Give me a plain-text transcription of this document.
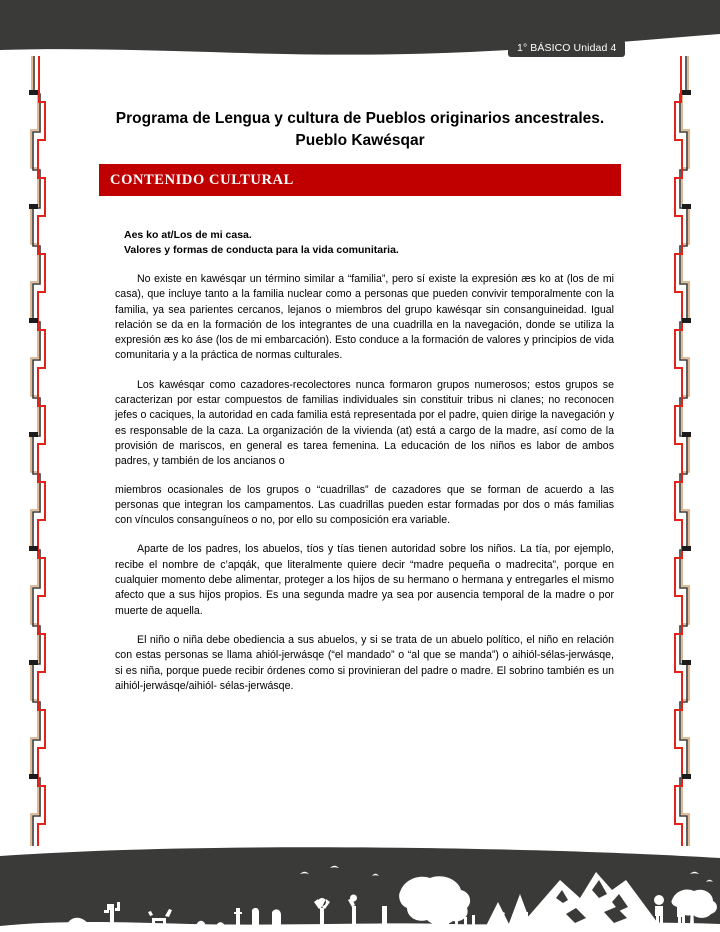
1° BÁSICO Unidad 4
Programa de Lengua y cultura de Pueblos originarios ancestrales. Pueblo Kawésqar
CONTENIDO CULTURAL
Aes ko at/Los de mi casa.
Valores y formas de conducta para la vida comunitaria.

No existe en kawésqar un término similar a “familia”, pero sí existe la expresión æs ko at (los de mi casa), que incluye tanto a la familia nuclear como a personas que pueden convivir temporalmente con la familia, ya sea parientes cercanos, lejanos o miembros del grupo kawésqar sin consanguineidad. Igual relación se da en la formación de los integrantes de una cuadrilla en la navegación, donde se utiliza la expresión æs ko áse (los de mi embarcación). Esto conduce a la formación de valores y principios de vida comunitaria y a la práctica de normas culturales.

Los kawésqar como cazadores-recolectores nunca formaron grupos numerosos; estos grupos se caracterizan por estar compuestos de familias individuales sin constituir tribus ni clanes; no reconocen jefes o caciques, la autoridad en cada familia está representada por el padre, quien dirige la navegación y es responsable de la caza. La organización de la vivienda (at) está a cargo de la madre, así como de la provisión de mariscos, en general es tarea femenina. La educación de los niños es labor de ambos padres, y también de los ancianos o

miembros ocasionales de los grupos o “cuadrillas” de cazadores que se forman de acuerdo a las personas que integran los campamentos. Las cuadrillas pueden estar formadas por dos o más familias con vínculos consanguíneos o no, por ello su composición era variable.

Aparte de los padres, los abuelos, tíos y tías tienen autoridad sobre los niños. La tía, por ejemplo, recibe el nombre de c’apqák, que literalmente quiere decir “madre pequeña o madrecita”, porque en cualquier momento debe alimentar, proteger a los hijos de su hermano o hermana y entregarles el mismo afecto que a sus hijos propios. Es una segunda madre ya sea por ausencia temporal de la madre o por muerte de aquella.

El niño o niña debe obediencia a sus abuelos, y si se trata de un abuelo político, el niño en relación con estas personas se llama ahiól-jerwásqe (“el mandado” o “al que se manda”) o aihiól-sélas-jerwásqe, si es niña, porque puede recibir órdenes como si provinieran del padre o madre. El sobrino también es un aihiól-jerwásqe/aihiól- sélas-jerwásqe.
